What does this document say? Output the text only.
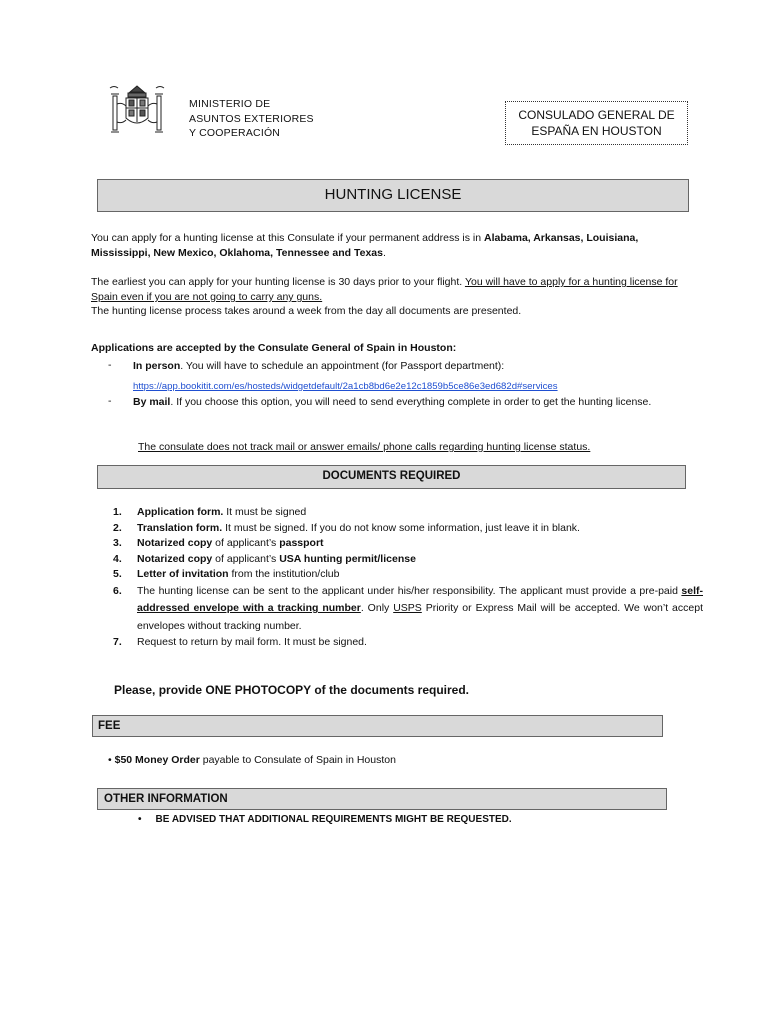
MINISTERIO DE
ASUNTOS EXTERIORES
Y COOPERACIÓN
CONSULADO GENERAL DE
ESPAÑA EN HOUSTON
HUNTING LICENSE
You can apply for a hunting license at this Consulate if your permanent address is in Alabama, Arkansas, Louisiana, Mississippi, New Mexico, Oklahoma, Tennessee and Texas.
The earliest you can apply for your hunting license is 30 days prior to your flight. You will have to apply for a hunting license for Spain even if you are not going to carry any guns.
The hunting license process takes around a week from the day all documents are presented.
Applications are accepted by the Consulate General of Spain in Houston:
- In person. You will have to schedule an appointment (for Passport department):
https://app.bookitit.com/es/hosteds/widgetdefault/2a1cb8bd6e2e12c1859b5ce86e3ed682d#services
- By mail. If you choose this option, you will need to send everything complete in order to get the hunting license.
The consulate does not track mail or answer emails/ phone calls regarding hunting license status.
DOCUMENTS REQUIRED
1. Application form. It must be signed
2. Translation form. It must be signed. If you do not know some information, just leave it in blank.
3. Notarized copy of applicant’s passport
4. Notarized copy of applicant’s USA hunting permit/license
5. Letter of invitation from the institution/club
6. The hunting license can be sent to the applicant under his/her responsibility. The applicant must provide a pre-paid self-addressed envelope with a tracking number. Only USPS Priority or Express Mail will be accepted. We won’t accept envelopes without tracking number.
7. Request to return by mail form. It must be signed.
Please, provide ONE PHOTOCOPY of the documents required.
FEE
• $50 Money Order payable to Consulate of Spain in Houston
OTHER INFORMATION
• BE ADVISED THAT ADDITIONAL REQUIREMENTS MIGHT BE REQUESTED.
